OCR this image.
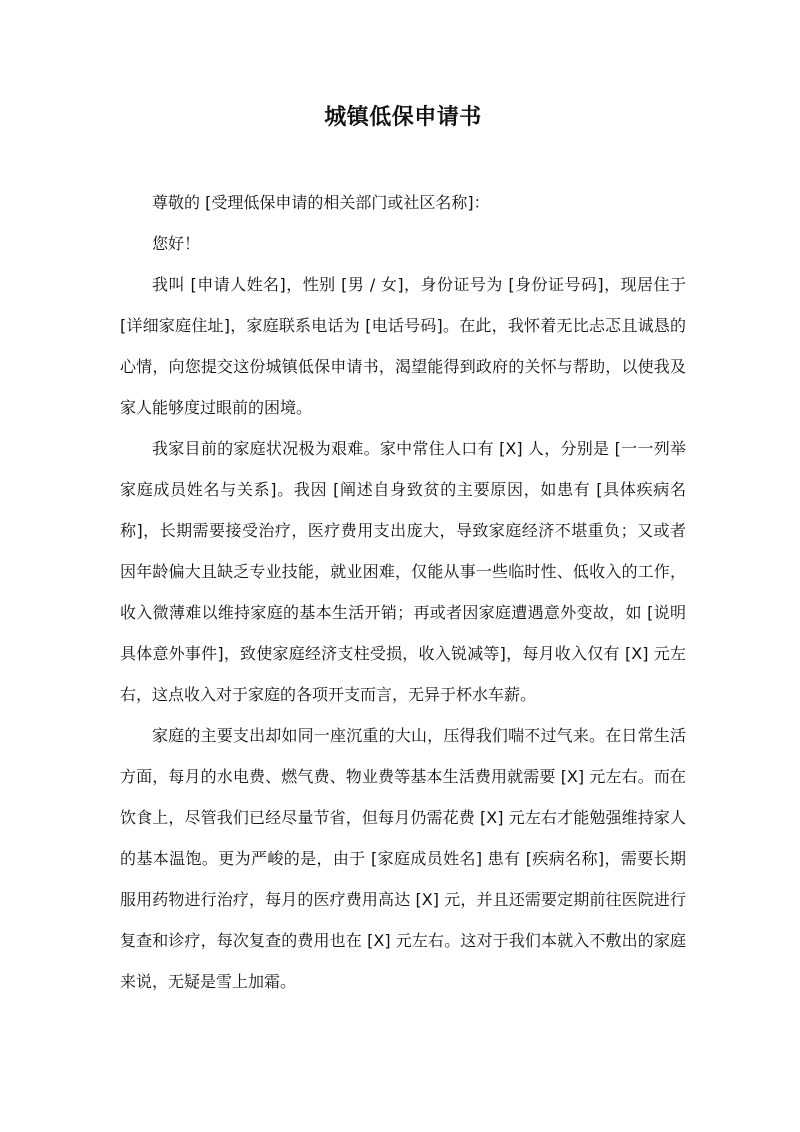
城镇低保申请书

尊敬的 [受理低保申请的相关部门或社区名称]：

您好！

我叫 [申请人姓名]，性别 [男 / 女]，身份证号为 [身份证号码]，现居住于 [详细家庭住址]，家庭联系电话为 [电话号码]。在此，我怀着无比忐忑且诚恳的心情，向您提交这份城镇低保申请书，渴望能得到政府的关怀与帮助，以使我及家人能够度过眼前的困境。

我家目前的家庭状况极为艰难。家中常住人口有 [X] 人，分别是 [一一列举家庭成员姓名与关系]。我因 [阐述自身致贫的主要原因，如患有 [具体疾病名称]，长期需要接受治疗，医疗费用支出庞大，导致家庭经济不堪重负；又或者因年龄偏大且缺乏专业技能，就业困难，仅能从事一些临时性、低收入的工作，收入微薄难以维持家庭的基本生活开销；再或者因家庭遭遇意外变故，如 [说明具体意外事件]，致使家庭经济支柱受损，收入锐减等]，每月收入仅有 [X] 元左右，这点收入对于家庭的各项开支而言，无异于杯水车薪。

家庭的主要支出却如同一座沉重的大山，压得我们喘不过气来。在日常生活方面，每月的水电费、燃气费、物业费等基本生活费用就需要 [X] 元左右。而在饮食上，尽管我们已经尽量节省，但每月仍需花费 [X] 元左右才能勉强维持家人的基本温饱。更为严峻的是，由于 [家庭成员姓名] 患有 [疾病名称]，需要长期服用药物进行治疗，每月的医疗费用高达 [X] 元，并且还需要定期前往医院进行复查和诊疗，每次复查的费用也在 [X] 元左右。这对于我们本就入不敷出的家庭来说，无疑是雪上加霜。
